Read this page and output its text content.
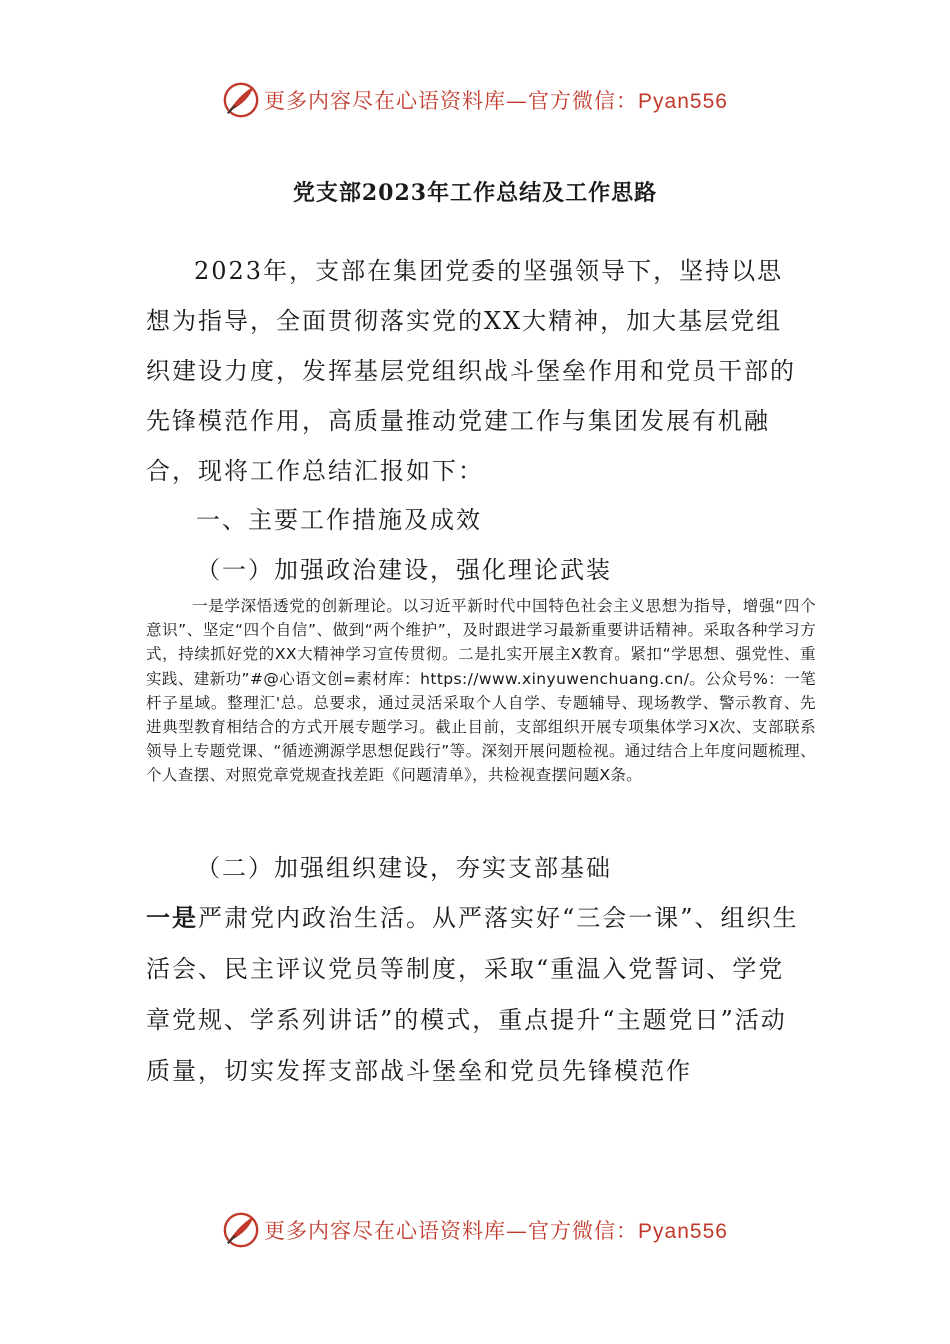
更多内容尽在心语资料库—官方微信：Pyan556
党支部2023年工作总结及工作思路
2023年，支部在集团党委的坚强领导下，坚持以思想为指导，全面贯彻落实党的XX大精神，加大基层党组织建设力度，发挥基层党组织战斗堡垒作用和党员干部的先锋模范作用，高质量推动党建工作与集团发展有机融合，现将工作总结汇报如下：
一、主要工作措施及成效
（一）加强政治建设，强化理论武装
一是学深悟透党的创新理论。以习近平新时代中国特色社会主义思想为指导，增强“四个意识”、坚定“四个自信”、做到“两个维护”，及时跟进学习最新重要讲话精神。采取各种学习方式，持续抓好党的XX大精神学习宣传贯彻。二是扎实开展主X教育。紧扣“学思想、强党性、重实践、建新功”#@心语文创=素材库：https://www.xinyuwenchuang.cn/。公众号%：一笔杆子星域。整理汇'总。总要求，通过灵活采取个人自学、专题辅导、现场教学、警示教育、先进典型教育相结合的方式开展专题学习。截止目前，支部组织开展专项集体学习X次、支部联系领导上专题党课、“循迹溯源学思想促践行”等。深刻开展问题检视。通过结合上年度问题梳理、个人查摆、对照党章党规查找差距《问题清单》，共检视查摆问题X条。
（二）加强组织建设，夯实支部基础
一是严肃党内政治生活。从严落实好“三会一课”、组织生活会、民主评议党员等制度，采取“重温入党誓词、学党章党规、学系列讲话”的模式，重点提升“主题党日”活动质量，切实发挥支部战斗堡垒和党员先锋模范作
更多内容尽在心语资料库—官方微信：Pyan556
